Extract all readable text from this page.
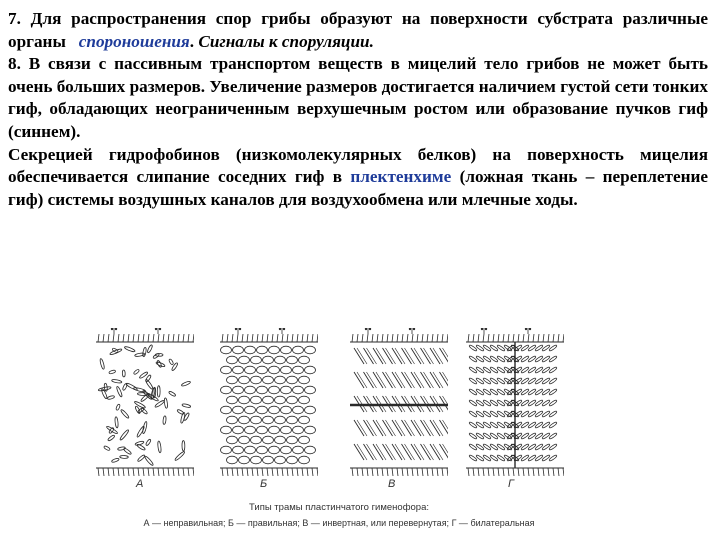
7. Для распространения спор грибы образуют на поверхности субстрата различные органы спороношения. Сигналы к споруляции.

8. В связи с пассивным транспортом веществ в мицелий тело грибов не может быть очень больших размеров. Увеличение размеров достигается наличием густой сети тонких гиф, обладающих неограниченным верхушечным ростом или образование пучков гиф (синнем).

Секрецией гидрофобинов (низкомолекулярных белков) на поверхность мицелия обеспечивается слипание соседних гиф в плектенхиме (ложная ткань – переплетение гиф) системы воздушных каналов для воздухообмена или млечные ходы.

А	Б	В	Г
Типы трамы пластинчатого гименофора:
А — неправильная; Б — правильная; В — инвертная, или перевернутая; Г — билатеральная
